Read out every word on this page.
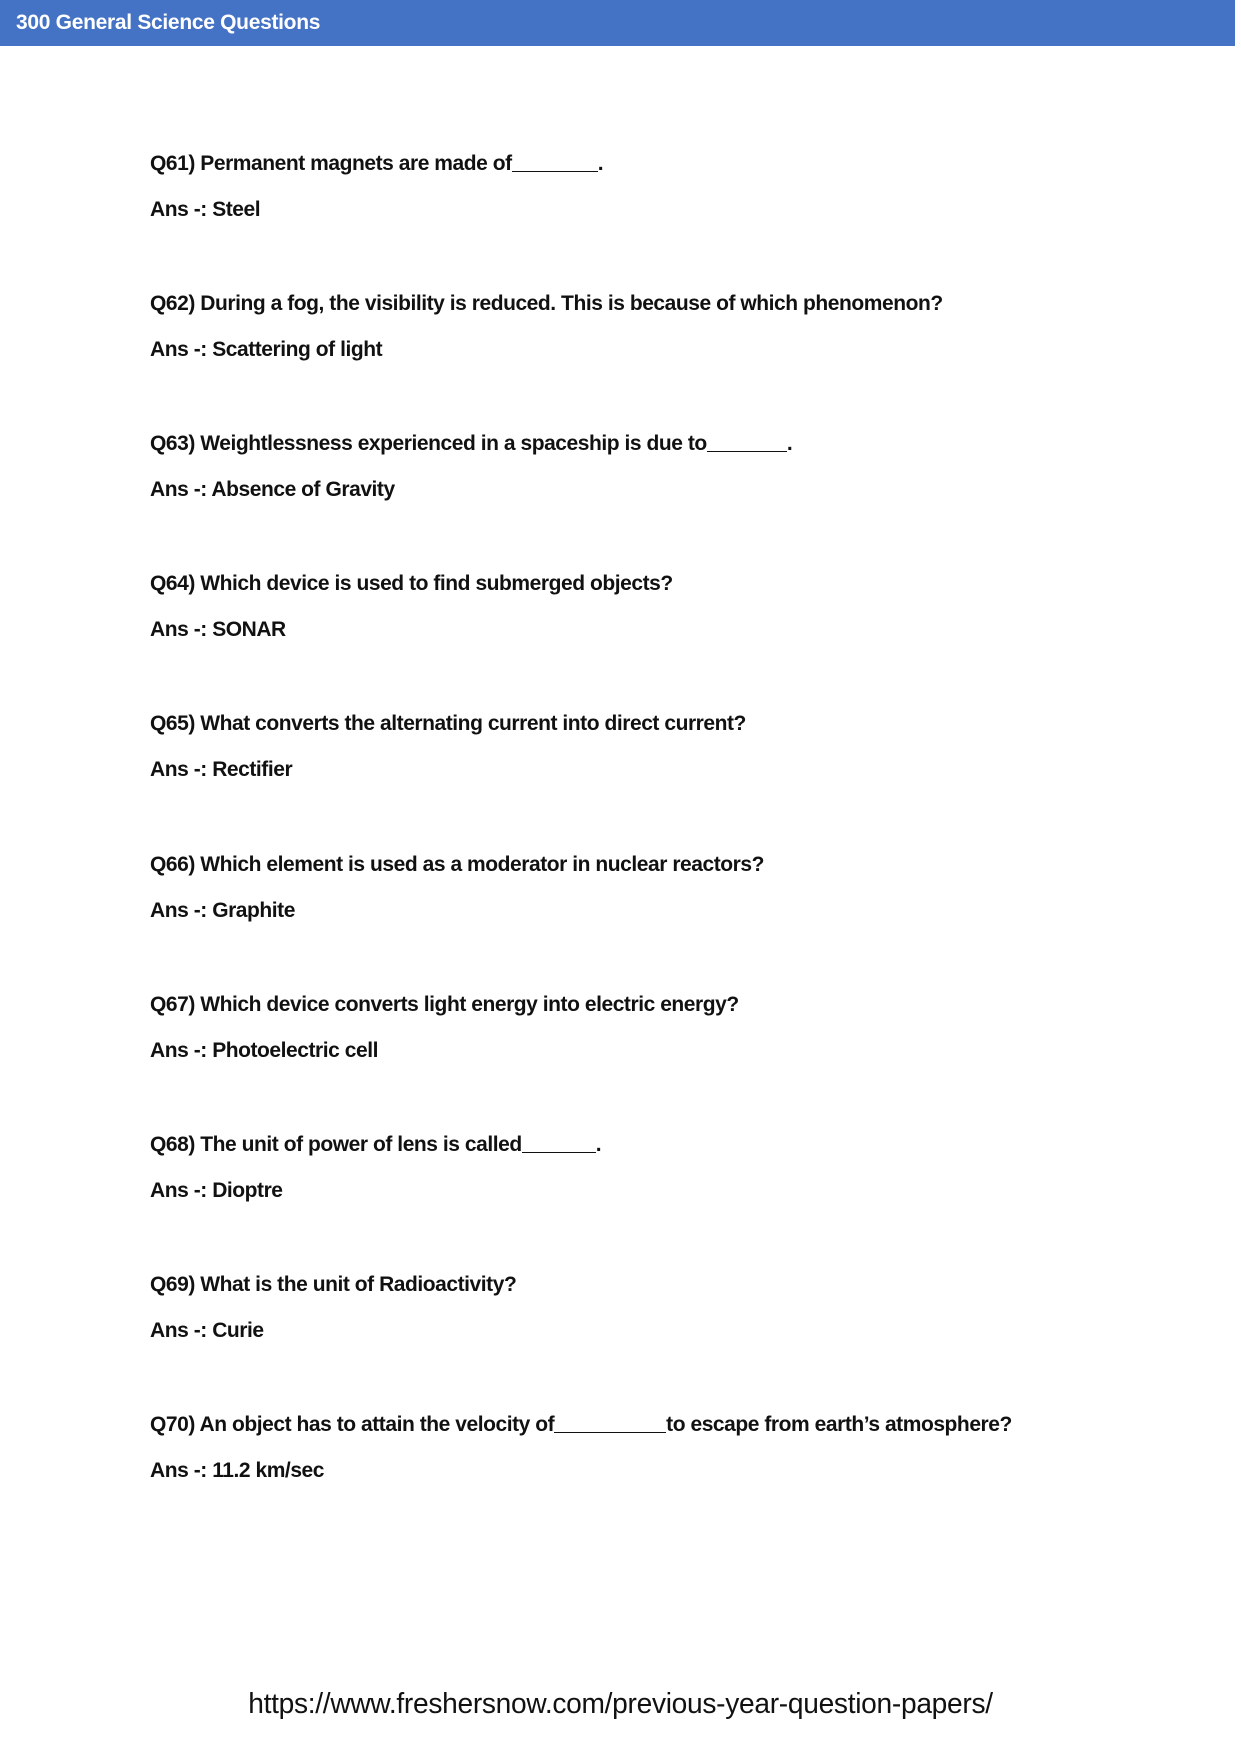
300 General Science Questions
Q61) Permanent magnets are made of	.
Ans -: Steel
Q62) During a fog, the visibility is reduced. This is because of which phenomenon?
Ans -: Scattering of light
Q63) Weightlessness experienced in a spaceship is due to	.
Ans -: Absence of Gravity
Q64) Which device is used to find submerged objects?
Ans -: SONAR
Q65) What converts the alternating current into direct current?
Ans -: Rectifier
Q66) Which element is used as a moderator in nuclear reactors?
Ans -: Graphite
Q67) Which device converts light energy into electric energy?
Ans -: Photoelectric cell
Q68) The unit of power of lens is called	.
Ans -: Dioptre
Q69) What is the unit of Radioactivity?
Ans -: Curie
Q70) An object has to attain the velocity of	to escape from earth’s atmosphere?
Ans -: 11.2 km/sec
https://www.freshersnow.com/previous-year-question-papers/
